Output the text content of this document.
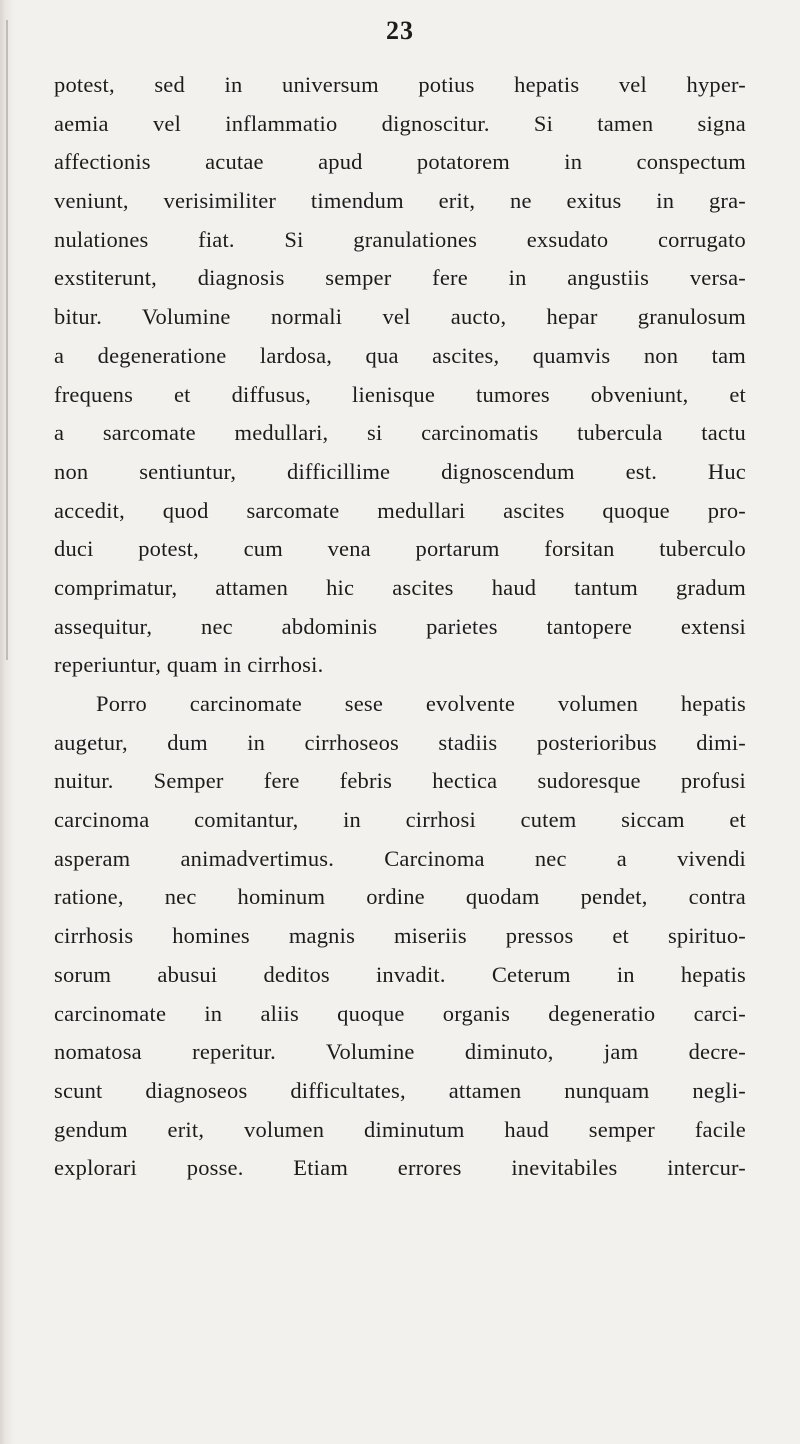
23
potest, sed in universum potius hepatis vel hyper-
aemia vel inflammatio dignoscitur. Si tamen signa
affectionis acutae apud potatorem in conspectum
veniunt, verisimiliter timendum erit, ne exitus in gra-
nulationes fiat. Si granulationes exsudato corrugato
exstiterunt, diagnosis semper fere in angustiis versa-
bitur. Volumine normali vel aucto, hepar granulosum
a degeneratione lardosa, qua ascites, quamvis non tam
frequens et diffusus, lienisque tumores obveniunt, et
a sarcomate medullari, si carcinomatis tubercula tactu
non sentiuntur, difficillime dignoscendum est. Huc
accedit, quod sarcomate medullari ascites quoque pro-
duci potest, cum vena portarum forsitan tuberculo
comprimatur, attamen hic ascites haud tantum gradum
assequitur, nec abdominis parietes tantopere extensi
reperiuntur, quam in cirrhosi.
Porro carcinomate sese evolvente volumen hepatis
augetur, dum in cirrhoseos stadiis posterioribus dimi-
nuitur. Semper fere febris hectica sudoresque profusi
carcinoma comitantur, in cirrhosi cutem siccam et
asperam animadvertimus. Carcinoma nec a vivendi
ratione, nec hominum ordine quodam pendet, contra
cirrhosis homines magnis miseriis pressos et spirituo-
sorum abusui deditos invadit. Ceterum in hepatis
carcinomate in aliis quoque organis degeneratio carci-
nomatosa reperitur. Volumine diminuto, jam decre-
scunt diagnoseos difficultates, attamen nunquam negli-
gendum erit, volumen diminutum haud semper facile
explorari posse. Etiam errores inevitabiles intercur-
